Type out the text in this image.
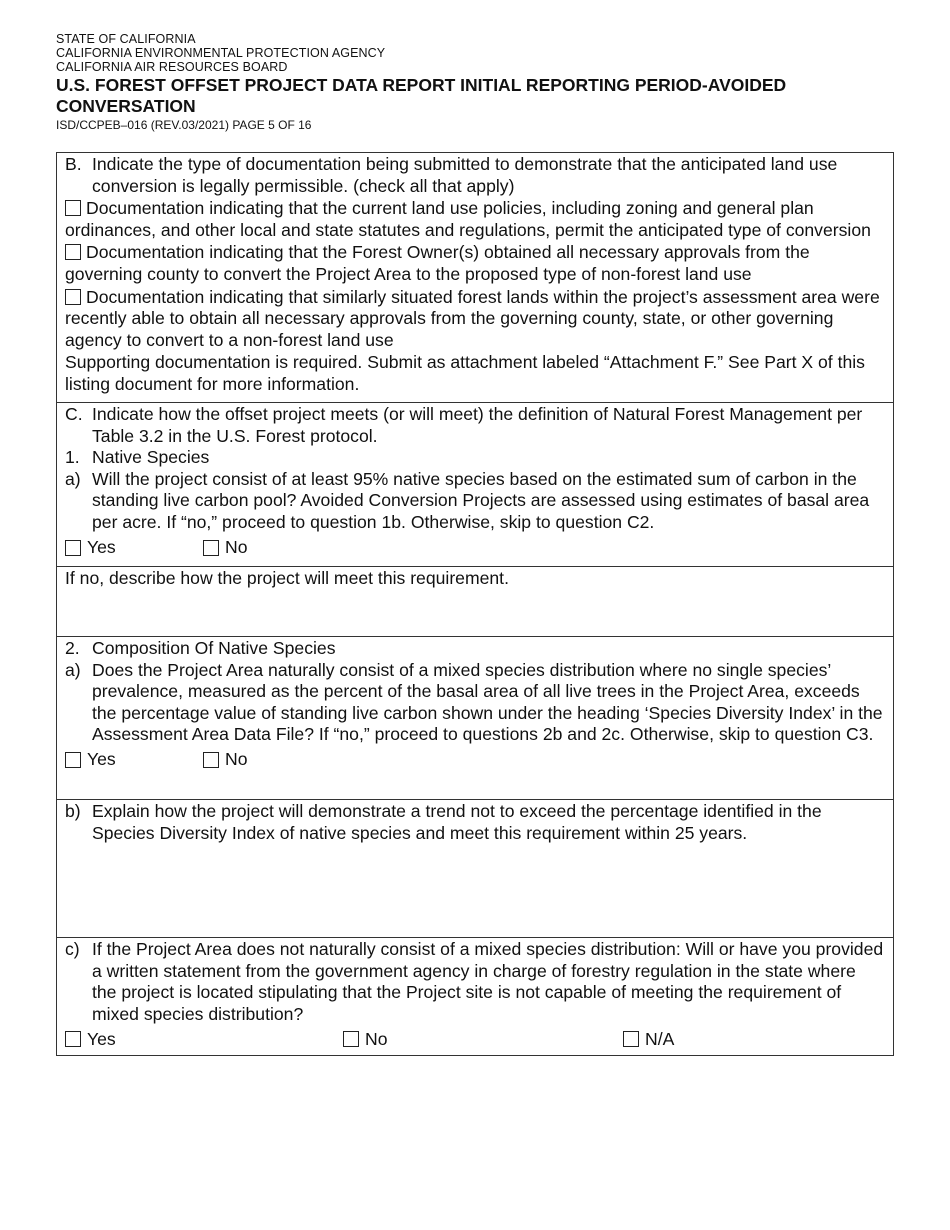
STATE OF CALIFORNIA
CALIFORNIA ENVIRONMENTAL PROTECTION AGENCY
CALIFORNIA AIR RESOURCES BOARD
U.S. FOREST OFFSET PROJECT DATA REPORT INITIAL REPORTING PERIOD-AVOIDED CONVERSATION
ISD/CCPEB–016 (REV.03/2021) PAGE 5 OF 16
B. Indicate the type of documentation being submitted to demonstrate that the anticipated land use conversion is legally permissible. (check all that apply)
Documentation indicating that the current land use policies, including zoning and general plan ordinances, and other local and state statutes and regulations, permit the anticipated type of conversion
Documentation indicating that the Forest Owner(s) obtained all necessary approvals from the governing county to convert the Project Area to the proposed type of non-forest land use
Documentation indicating that similarly situated forest lands within the project’s assessment area were recently able to obtain all necessary approvals from the governing county, state, or other governing agency to convert to a non-forest land use
Supporting documentation is required. Submit as attachment labeled “Attachment F.” See Part X of this listing document for more information.
C. Indicate how the offset project meets (or will meet) the definition of Natural Forest Management per Table 3.2 in the U.S. Forest protocol.
1. Native Species
a) Will the project consist of at least 95% native species based on the estimated sum of carbon in the standing live carbon pool? Avoided Conversion Projects are assessed using estimates of basal area per acre. If “no,” proceed to question 1b. Otherwise, skip to question C2.
Yes	No
If no, describe how the project will meet this requirement.
2. Composition Of Native Species
a) Does the Project Area naturally consist of a mixed species distribution where no single species’ prevalence, measured as the percent of the basal area of all live trees in the Project Area, exceeds the percentage value of standing live carbon shown under the heading ‘Species Diversity Index’ in the Assessment Area Data File? If “no,” proceed to questions 2b and 2c. Otherwise, skip to question C3.
Yes	No
b) Explain how the project will demonstrate a trend not to exceed the percentage identified in the Species Diversity Index of native species and meet this requirement within 25 years.
c) If the Project Area does not naturally consist of a mixed species distribution: Will or have you provided a written statement from the government agency in charge of forestry regulation in the state where the project is located stipulating that the Project site is not capable of meeting the requirement of mixed species distribution?
Yes	No	N/A
